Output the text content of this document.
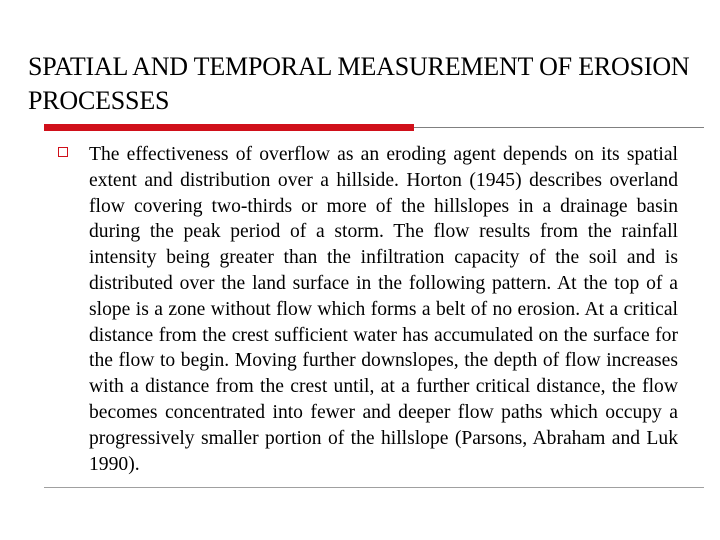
SPATIAL AND TEMPORAL MEASUREMENT OF EROSION PROCESSES

The effectiveness of overflow as an eroding agent depends on its spatial extent and distribution over a hillside. Horton (1945) describes overland flow covering two-thirds or more of the hillslopes in a drainage basin during the peak period of a storm. The flow results from the rainfall intensity being greater than the infiltration capacity of the soil and is distributed over the land surface in the following pattern. At the top of a slope is a zone without flow which forms a belt of no erosion. At a critical distance from the crest sufficient water has accumulated on the surface for the flow to begin. Moving further downslopes, the depth of flow increases with a distance from the crest until, at a further critical distance, the flow becomes concentrated into fewer and deeper flow paths which occupy a progressively smaller portion of the hillslope (Parsons, Abraham and Luk 1990).
